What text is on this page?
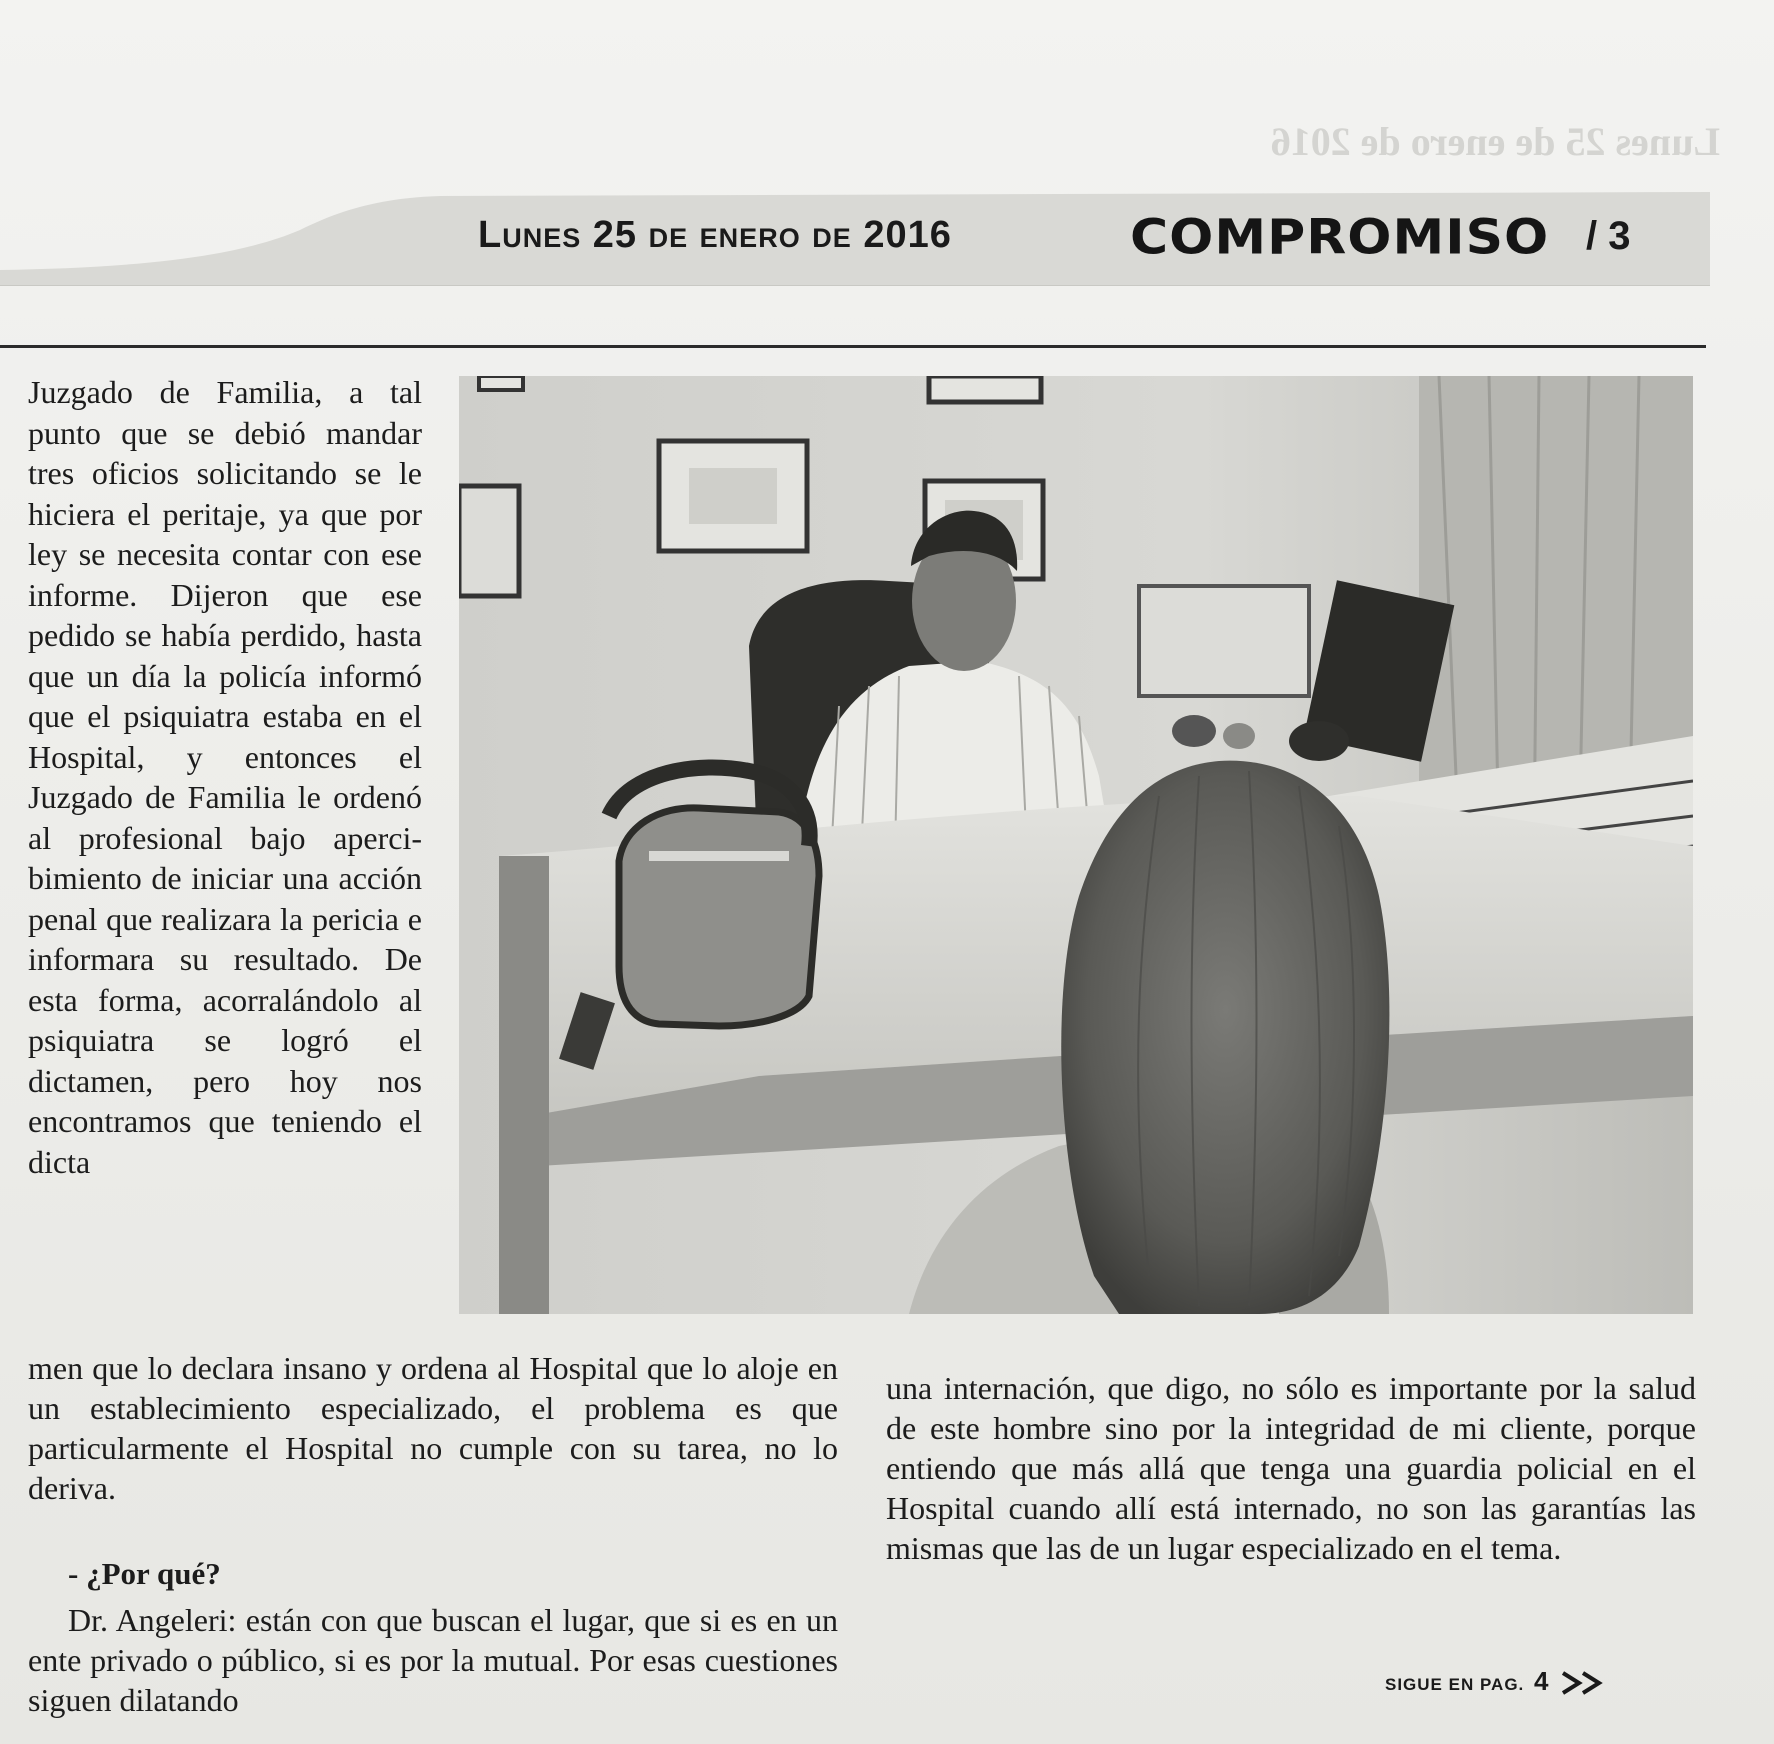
Lunes 25 de enero de 2016
Lunes 25 de enero de 2016	COMPROMISO / 3
Juzgado de Familia, a tal punto que se debió mandar tres oficios solicitando se le hiciera el peritaje, ya que por ley se necesita contar con ese informe. Dijeron que ese pedido se había perdido, hasta que un día la policía informó que el psiquiatra estaba en el Hospital, y entonces el Juzgado de Familia le ordenó al profesional bajo apercibimiento de iniciar una acción penal que realizara la pericia e informara su resultado. De esta forma, acorralándolo al psiquiatra se logró el dictamen, pero hoy nos encontramos que teniendo el dicta
men que lo declara insano y ordena al Hospital que lo aloje en un establecimiento especializado, el problema es que particularmente el Hospital no cumple con su tarea, no lo deriva.
- ¿Por qué?
Dr. Angeleri: están con que buscan el lugar, que si es en un ente privado o público, si es por la mutual. Por esas cuestiones siguen dilatando
una internación, que digo, no sólo es importante por la salud de este hombre sino por la integridad de mi cliente, porque entiendo que más allá que tenga una guardia policial en el Hospital cuando allí está internado, no son las garantías las mismas que las de un lugar especializado en el tema.
SIGUE EN PAG. 4
